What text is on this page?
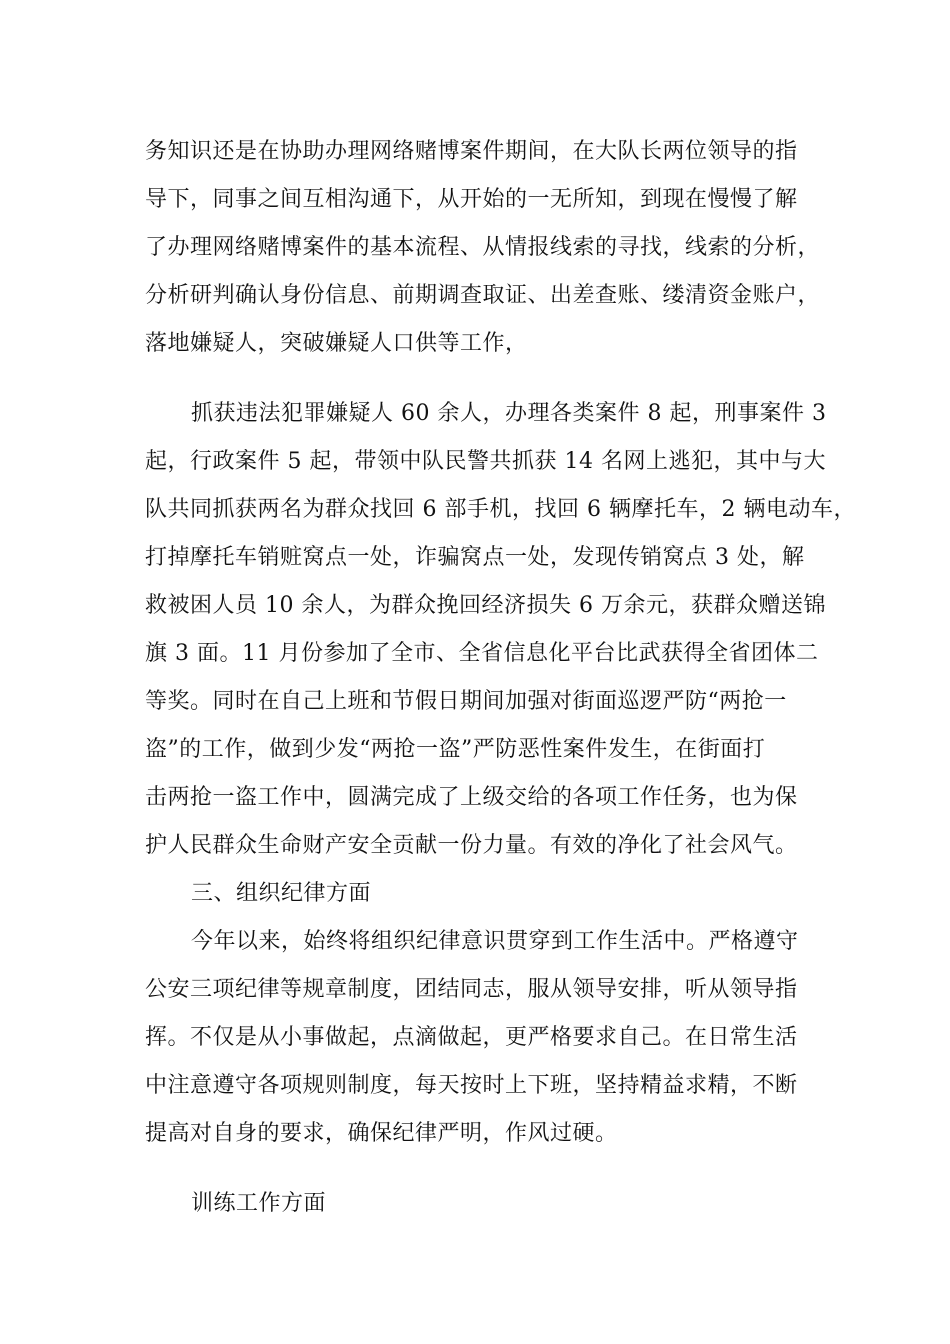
务知识还是在协助办理网络赌博案件期间，在大队长两位领导的指
导下，同事之间互相沟通下，从开始的一无所知，到现在慢慢了解
了办理网络赌博案件的基本流程、从情报线索的寻找，线索的分析，
分析研判确认身份信息、前期调查取证、出差查账、缕清资金账户，
落地嫌疑人，突破嫌疑人口供等工作，
抓获违法犯罪嫌疑人 60 余人，办理各类案件 8 起，刑事案件 3
起，行政案件 5 起，带领中队民警共抓获 14 名网上逃犯，其中与大
队共同抓获两名为群众找回 6 部手机，找回 6 辆摩托车，2 辆电动车，
打掉摩托车销赃窝点一处，诈骗窝点一处，发现传销窝点 3 处，解
救被困人员 10 余人，为群众挽回经济损失 6 万余元，获群众赠送锦
旗 3 面。11 月份参加了全市、全省信息化平台比武获得全省团体二
等奖。同时在自己上班和节假日期间加强对街面巡逻严防“两抢一
盗”的工作，做到少发“两抢一盗”严防恶性案件发生，在街面打
击两抢一盗工作中，圆满完成了上级交给的各项工作任务，也为保
护人民群众生命财产安全贡献一份力量。有效的净化了社会风气。
三、组织纪律方面
今年以来，始终将组织纪律意识贯穿到工作生活中。严格遵守
公安三项纪律等规章制度，团结同志，服从领导安排，听从领导指
挥。不仅是从小事做起，点滴做起，更严格要求自己。在日常生活
中注意遵守各项规则制度，每天按时上下班，坚持精益求精，不断
提高对自身的要求，确保纪律严明，作风过硬。
训练工作方面
